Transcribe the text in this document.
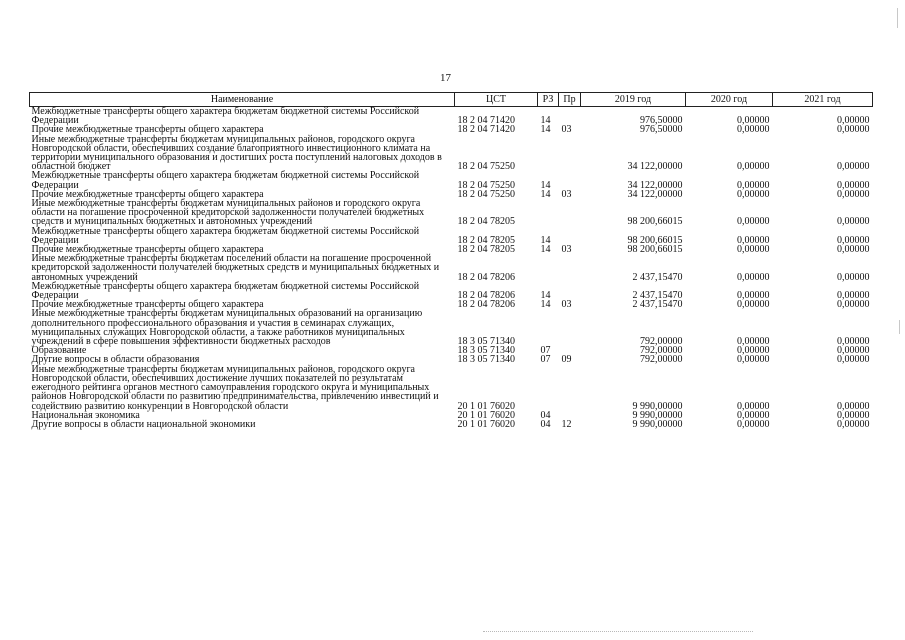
17
Наименование	ЦСТ	РЗ	Пр	2019 год	2020 год	2021 год
Межбюджетные трансферты общего характера бюджетам бюджетной системы Российской Федерации	18 2 04 71420	14		976,50000	0,00000	0,00000
Прочие межбюджетные трансферты общего характера	18 2 04 71420	14	03	976,50000	0,00000	0,00000
Иные межбюджетные трансферты бюджетам муниципальных районов, городского округа Новгородской области, обеспечивших создание благоприятного инвестиционного климата на территории муниципального образования и достигших роста поступлений налоговых доходов в областной бюджет	18 2 04 75250			34 122,00000	0,00000	0,00000
Межбюджетные трансферты общего характера бюджетам бюджетной системы Российской Федерации	18 2 04 75250	14		34 122,00000	0,00000	0,00000
Прочие межбюджетные трансферты общего характера	18 2 04 75250	14	03	34 122,00000	0,00000	0,00000
Иные межбюджетные трансферты бюджетам муниципальных районов и городского округа области на погашение просроченной кредиторской задолженности получателей бюджетных средств и муниципальных бюджетных и автономных учреждений	18 2 04 78205			98 200,66015	0,00000	0,00000
Межбюджетные трансферты общего характера бюджетам бюджетной системы Российской Федерации	18 2 04 78205	14		98 200,66015	0,00000	0,00000
Прочие межбюджетные трансферты общего характера	18 2 04 78205	14	03	98 200,66015	0,00000	0,00000
Иные межбюджетные трансферты бюджетам поселений области на погашение просроченной кредиторской задолженности получателей бюджетных средств и муниципальных бюджетных и автономных учреждений	18 2 04 78206			2 437,15470	0,00000	0,00000
Межбюджетные трансферты общего характера бюджетам бюджетной системы Российской Федерации	18 2 04 78206	14		2 437,15470	0,00000	0,00000
Прочие межбюджетные трансферты общего характера	18 2 04 78206	14	03	2 437,15470	0,00000	0,00000
Иные межбюджетные трансферты бюджетам муниципальных образований на организацию дополнительного профессионального образования и участия в семинарах служащих, муниципальных служащих Новгородской области, а также работников муниципальных учреждений в сфере повышения эффективности бюджетных расходов	18 3 05 71340			792,00000	0,00000	0,00000
Образование	18 3 05 71340	07		792,00000	0,00000	0,00000
Другие вопросы в области образования	18 3 05 71340	07	09	792,00000	0,00000	0,00000
Иные межбюджетные трансферты бюджетам муниципальных районов, городского округа Новгородской области, обеспечивших достижение лучших показателей по результатам ежегодного рейтинга органов местного самоуправления городского округа и муниципальных районов Новгородской области по развитию предпринимательства, привлечению инвестиций и содействию развитию конкуренции в Новгородской области	20 1 01 76020			9 990,00000	0,00000	0,00000
Национальная экономика	20 1 01 76020	04		9 990,00000	0,00000	0,00000
Другие вопросы в области национальной экономики	20 1 01 76020	04	12	9 990,00000	0,00000	0,00000
